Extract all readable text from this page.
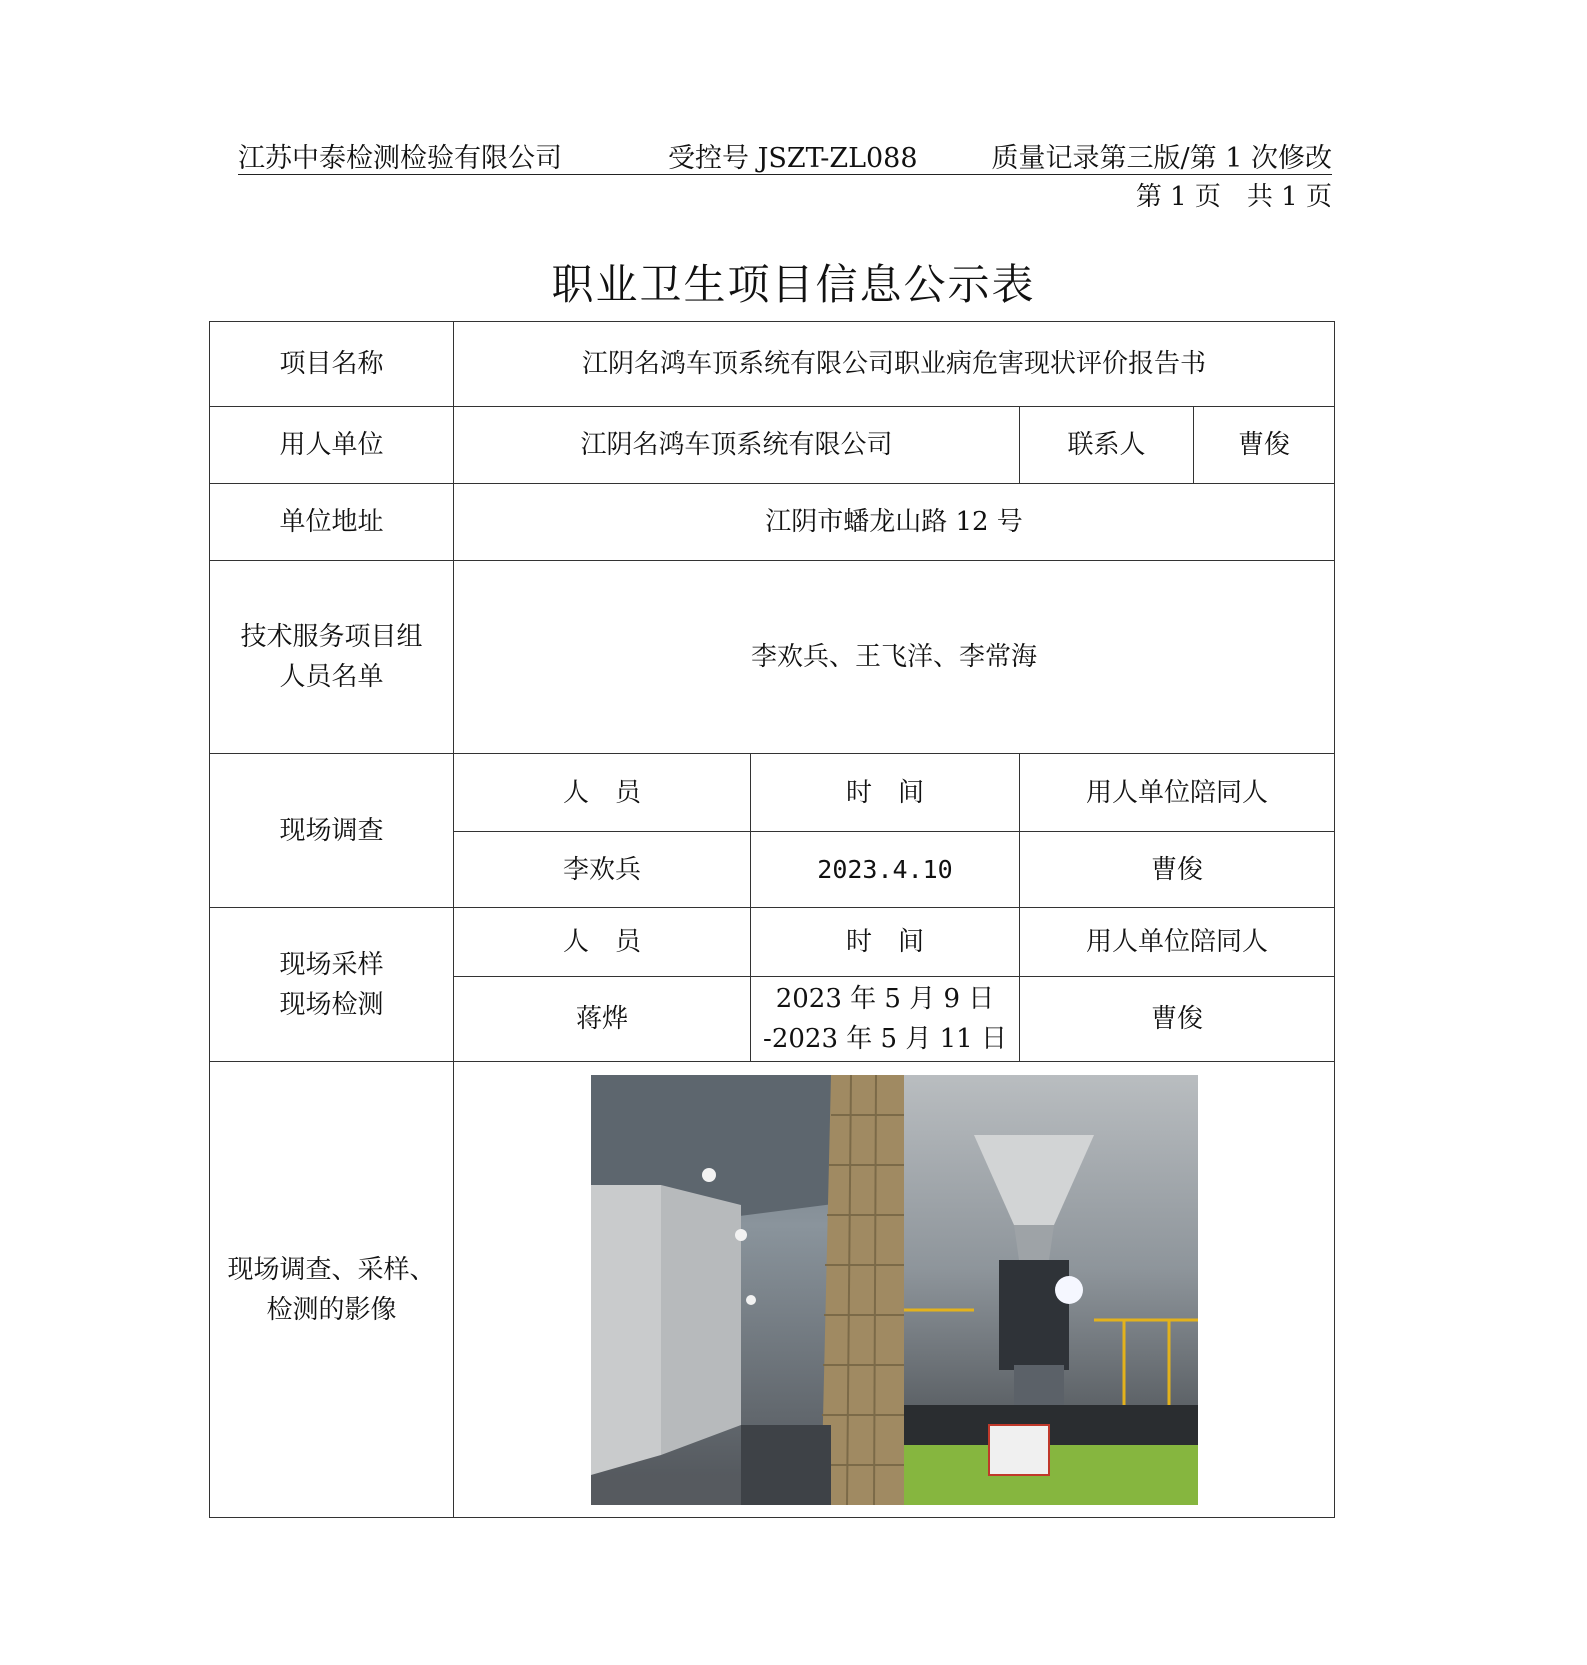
江苏中泰检测检验有限公司	受控号 JSZT-ZL088	质量记录第三版/第 1 次修改
第 1 页　共 1 页
职业卫生项目信息公示表
项目名称	江阴名鸿车顶系统有限公司职业病危害现状评价报告书			
用人单位	江阴名鸿车顶系统有限公司		联系人	曹俊
单位地址	江阴市蟠龙山路 12 号			

技术服务项目组
人员名单	李欢兵、王飞洋、李常海			
现场调查	人　员	时　间	用人单位陪同人	
	李欢兵	2023.4.10	曹俊	

现场采样
现场检测	人　员	时　间	用人单位陪同人	
	蒋烨	2023 年 5 月 9 日
-2023 年 5 月 11 日	曹俊	

现场调查、采样、
检测的影像
